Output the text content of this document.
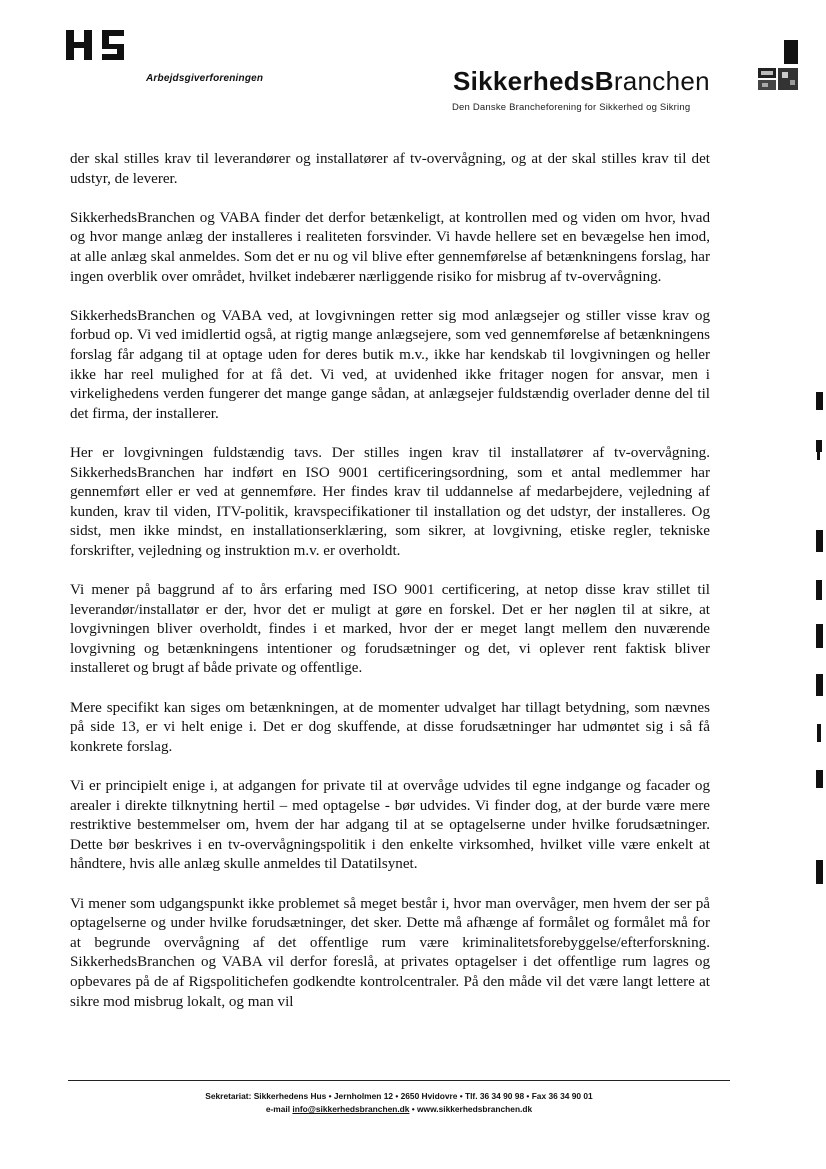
Arbejdsgiverforeningen	SikkerhedsBranchen
Den Danske Brancheforening for Sikkerhed og Sikring

der skal stilles krav til leverandører og installatører af tv-overvågning, og at der skal stilles krav til det udstyr, de leverer.

SikkerhedsBranchen og VABA finder det derfor betænkeligt, at kontrollen med og viden om hvor, hvad og hvor mange anlæg der installeres i realiteten forsvinder. Vi havde hellere set en bevægelse hen imod, at alle anlæg skal anmeldes. Som det er nu og vil blive efter gennemførelse af betænkningens forslag, har ingen overblik over området, hvilket indebærer nærliggende risiko for misbrug af tv-overvågning.

SikkerhedsBranchen og VABA ved, at lovgivningen retter sig mod anlægsejer og stiller visse krav og forbud op. Vi ved imidlertid også, at rigtig mange anlægsejere, som ved gennemførelse af betænkningens forslag får adgang til at optage uden for deres butik m.v., ikke har kendskab til lovgivningen og heller ikke har reel mulighed for at få det. Vi ved, at uvidenhed ikke fritager nogen for ansvar, men i virkelighedens verden fungerer det mange gange sådan, at anlægsejer fuldstændig overlader denne del til det firma, der installerer.

Her er lovgivningen fuldstændig tavs. Der stilles ingen krav til installatører af tv-overvågning. SikkerhedsBranchen har indført en ISO 9001 certificeringsordning, som et antal medlemmer har gennemført eller er ved at gennemføre. Her findes krav til uddannelse af medarbejdere, vejledning af kunden, krav til viden, ITV-politik, kravspecifikationer til installation og det udstyr, der installeres. Og sidst, men ikke mindst, en installationserklæring, som sikrer, at lovgivning, etiske regler, tekniske forskrifter, vejledning og instruktion m.v. er overholdt.

Vi mener på baggrund af to års erfaring med ISO 9001 certificering, at netop disse krav stillet til leverandør/installatør er der, hvor det er muligt at gøre en forskel. Det er her nøglen til at sikre, at lovgivningen bliver overholdt, findes i et marked, hvor der er meget langt mellem den nuværende lovgivning og betænkningens intentioner og forudsætninger og det, vi oplever rent faktisk bliver installeret og brugt af både private og offentlige.

Mere specifikt kan siges om betænkningen, at de momenter udvalget har tillagt betydning, som nævnes på side 13, er vi helt enige i. Det er dog skuffende, at disse forudsætninger har udmøntet sig i så få konkrete forslag.

Vi er principielt enige i, at adgangen for private til at overvåge udvides til egne indgange og facader og arealer i direkte tilknytning hertil – med optagelse - bør udvides. Vi finder dog, at der burde være mere restriktive bestemmelser om, hvem der har adgang til at se optagelserne under hvilke forudsætninger. Dette bør beskrives i en tv-overvågningspolitik i den enkelte virksomhed, hvilket ville være enkelt at håndtere, hvis alle anlæg skulle anmeldes til Datatilsynet.

Vi mener som udgangspunkt ikke problemet så meget består i, hvor man overvåger, men hvem der ser på optagelserne og under hvilke forudsætninger, det sker. Dette må afhænge af formålet og formålet må for at begrunde overvågning af det offentlige rum være kriminalitetsforebyggelse/efterforskning. SikkerhedsBranchen og VABA vil derfor foreslå, at privates optagelser i det offentlige rum lagres og opbevares på de af Rigspolitichefen godkendte kontrolcentraler. På den måde vil det være langt lettere at sikre mod misbrug lokalt, og man vil

Sekretariat: Sikkerhedens Hus • Jernholmen 12 • 2650 Hvidovre • Tlf. 36 34 90 98 • Fax 36 34 90 01
e-mail info@sikkerhedsbranchen.dk • www.sikkerhedsbranchen.dk
